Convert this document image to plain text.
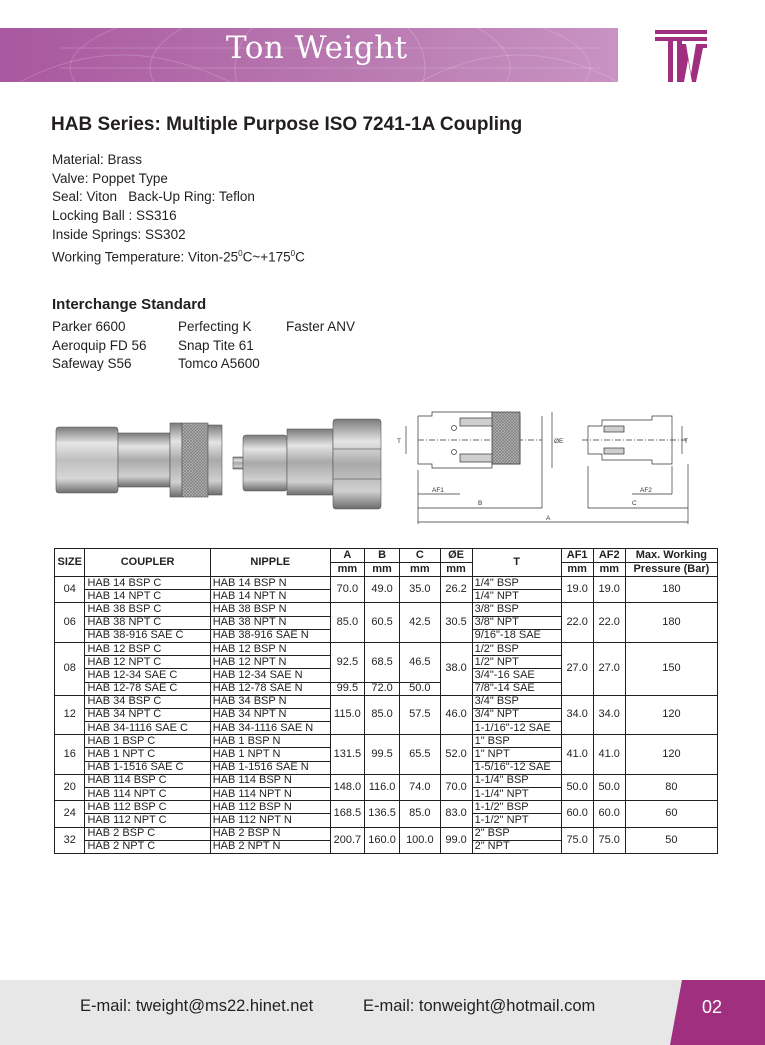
Ton Weight
HAB Series: Multiple Purpose ISO 7241-1A Coupling
Material: Brass
Valve: Poppet Type
Seal: Viton   Back-Up Ring: Teflon
Locking Ball : SS316
Inside Springs: SS302
Working Temperature: Viton-$25^0C\sim+175^0C$
Interchange Standard
Parker 6600	Perfecting K	Faster ANV
Aeroquip FD 56	Snap Tite 61
Safeway S56	Tomco A5600
AF1
B
A
C
AF2
T	T
ØE
SIZE	COUPLER	NIPPLE	A	B	C	ØE	T	AF1	AF2	Max. Working
			mm	mm	mm	mm		mm	mm	Pressure (Bar)
04	HAB 14 BSP C	HAB 14 BSP N	70.0	49.0	35.0	26.2	1/4" BSP	19.0	19.0	180
	HAB 14 NPT C	HAB 14 NPT N					1/4" NPT			
06	HAB 38 BSP C	HAB 38 BSP N	85.0	60.5	42.5	30.5	3/8" BSP	22.0	22.0	180
	HAB 38 NPT C	HAB 38 NPT N					3/8" NPT			
	HAB 38-916 SAE C	HAB 38-916 SAE N					9/16"-18 SAE			
08	HAB 12 BSP C	HAB 12 BSP N	92.5	68.5	46.5	38.0	1/2" BSP	27.0	27.0	150
	HAB 12 NPT C	HAB 12 NPT N					1/2" NPT			
	HAB 12-34 SAE C	HAB 12-34 SAE N					3/4"-16 SAE			
	HAB 12-78 SAE C	HAB 12-78 SAE N	99.5	72.0	50.0		7/8"-14 SAE			
12	HAB 34 BSP C	HAB 34 BSP N	115.0	85.0	57.5	46.0	3/4" BSP	34.0	34.0	120
	HAB 34 NPT C	HAB 34 NPT N					3/4" NPT			
	HAB 34-1116 SAE C	HAB 34-1116 SAE N					1-1/16"-12 SAE			
16	HAB 1 BSP C	HAB 1 BSP N	131.5	99.5	65.5	52.0	1" BSP	41.0	41.0	120
	HAB 1 NPT C	HAB 1 NPT N					1" NPT			
	HAB 1-1516 SAE C	HAB 1-1516 SAE N					1-5/16"-12 SAE			
20	HAB 114 BSP C	HAB 114 BSP N	148.0	116.0	74.0	70.0	1-1/4" BSP	50.0	50.0	80
	HAB 114 NPT C	HAB 114 NPT N					1-1/4" NPT			
24	HAB 112 BSP C	HAB 112 BSP N	168.5	136.5	85.0	83.0	1-1/2" BSP	60.0	60.0	60
	HAB 112 NPT C	HAB 112 NPT N					1-1/2" NPT			
32	HAB 2 BSP C	HAB 2 BSP N	200.7	160.0	100.0	99.0	2" BSP	75.0	75.0	50
	HAB 2 NPT C	HAB 2 NPT N					2" NPT			
E-mail: tweight@ms22.hinet.net	E-mail: tonweight@hotmail.com	02
